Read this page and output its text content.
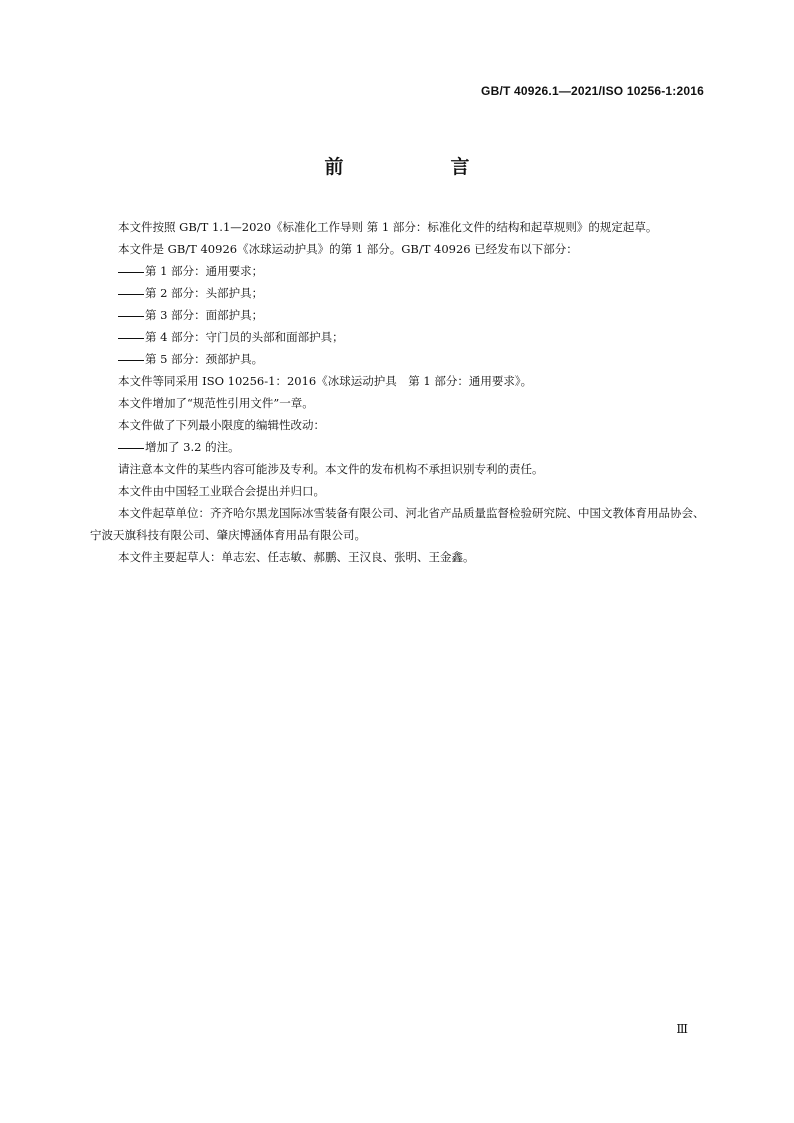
GB/T 40926.1—2021/ISO 10256-1:2016
前　言

本文件按照 GB/T 1.1—2020《标准化工作导则 第 1 部分：标准化文件的结构和起草规则》的规定起草。

本文件是 GB/T 40926《冰球运动护具》的第 1 部分。GB/T 40926 已经发布以下部分：

第 1 部分：通用要求；

第 2 部分：头部护具；

第 3 部分：面部护具；

第 4 部分：守门员的头部和面部护具；

第 5 部分：颈部护具。

本文件等同采用 ISO 10256-1：2016《冰球运动护具　第 1 部分：通用要求》。

本文件增加了“规范性引用文件”一章。

本文件做了下列最小限度的编辑性改动：

增加了 3.2 的注。

请注意本文件的某些内容可能涉及专利。本文件的发布机构不承担识别专利的责任。

本文件由中国轻工业联合会提出并归口。

本文件起草单位：齐齐哈尔黑龙国际冰雪装备有限公司、河北省产品质量监督检验研究院、中国文教体育用品协会、宁波天旗科技有限公司、肇庆博涵体育用品有限公司。

本文件主要起草人：单志宏、任志敏、郝鹏、王汉良、张明、王金鑫。

Ⅲ
